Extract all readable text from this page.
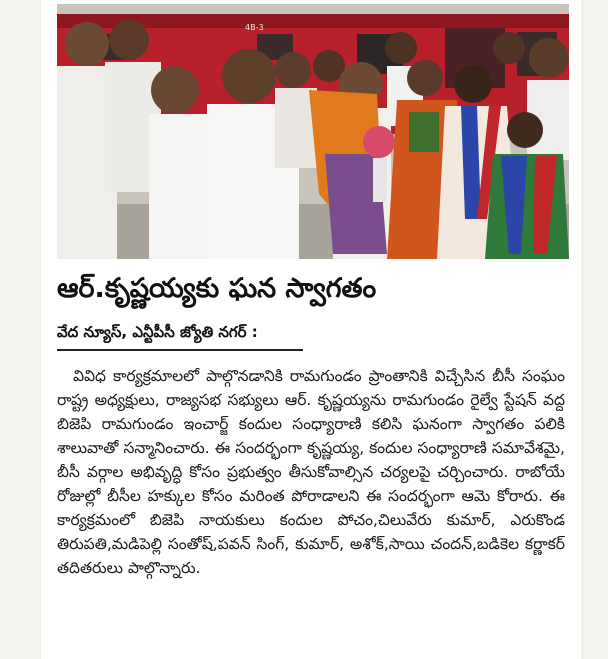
4B-3
ఆర్.కృష్ణయ్యకు ఘన స్వాగతం
వేద న్యూస్, ఎన్టీపీసీ జ్యోతి నగర్ :
వివిధ కార్యక్రమాలలో పాల్గొనడానికి రామగుండం ప్రాంతానికి విచ్చేసిన బీసీ సంఘం రాష్ట్ర అధ్యక్షులు, రాజ్యసభ సభ్యులు ఆర్. కృష్ణయ్యను రామగుండం రైల్వే స్టేషన్ వద్ద బిజెపి రామగుండం ఇంచార్జ్ కందుల సంధ్యారాణి కలిసి ఘనంగా స్వాగతం పలికి శాలువాతో సన్మానించారు. ఈ సందర్భంగా కృష్ణయ్య, కందుల సంధ్యారాణి సమావేశమై, బీసీ వర్గాల అభివృద్ధి కోసం ప్రభుత్వం తీసుకోవాల్సిన చర్యలపై చర్చించారు. రాబోయే రోజుల్లో బీసీల హక్కుల కోసం మరింత పోరాడాలని ఈ సందర్భంగా ఆమె కోరారు. ఈ కార్యక్రమంలో బిజెపి నాయకులు కందుల పోచం,చిలువేరు కుమార్, ఎరుకొండ తిరుపతి,మడిపెల్లి సంతోష్,పవన్ సింగ్, కుమార్, అశోక్,సాయి చందన్,బడికెల కర్ణాకర్ తదితరులు పాల్గొన్నారు.
